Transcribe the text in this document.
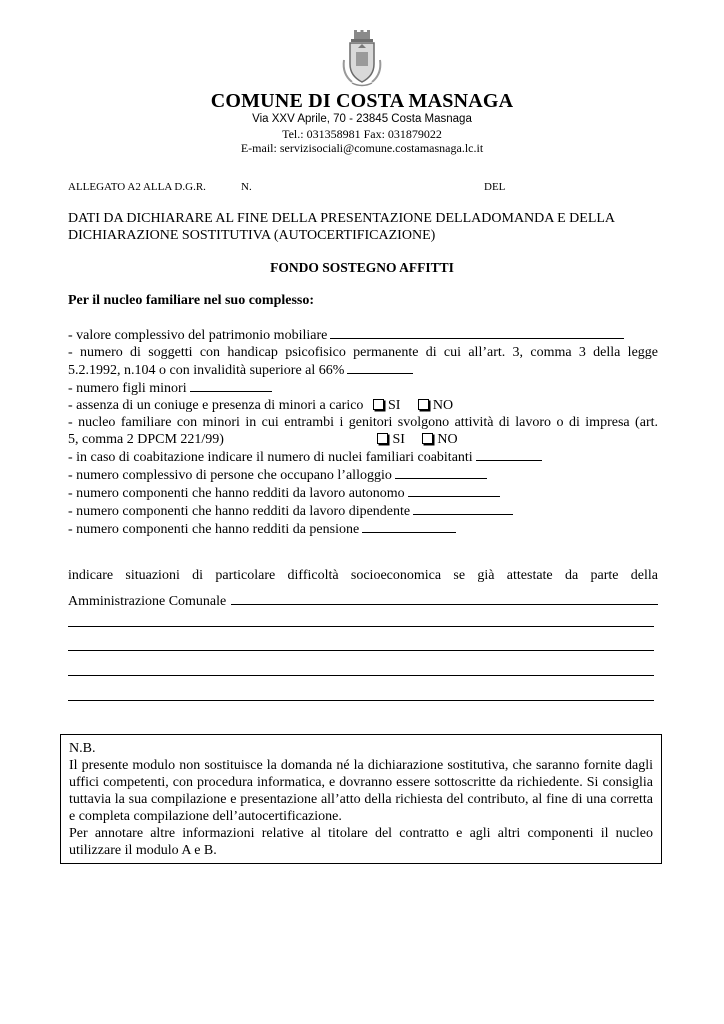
COMUNE DI COSTA MASNAGA
Via XXV Aprile, 70 - 23845 Costa Masnaga
Tel.: 031358981 Fax: 031879022
E-mail: servizisociali@comune.costamasnaga.lc.it
ALLEGATO A2 ALLA D.G.R.	N.	DEL
DATI DA DICHIARARE AL FINE DELLA PRESENTAZIONE DELLADOMANDA E DELLA DICHIARAZIONE SOSTITUTIVA (AUTOCERTIFICAZIONE)
FONDO SOSTEGNO AFFITTI
Per il nucleo familiare nel suo complesso:
- valore complessivo del patrimonio mobiliare
- numero di soggetti con handicap psicofisico permanente di cui all’art. 3, comma 3 della legge
5.2.1992, n.104 o con invalidità superiore al 66%
- numero figli minori
- assenza di un coniuge e presenza di minori a carico SI NO
- nucleo familiare con minori in cui entrambi i genitori svolgono attività di lavoro o di impresa (art.
5, comma 2 DPCM 221/99)	SI NO
- in caso di coabitazione indicare il numero di nuclei familiari coabitanti
- numero complessivo di persone che occupano l’alloggio
- numero componenti che hanno redditi da lavoro autonomo
- numero componenti che hanno redditi da lavoro dipendente
- numero componenti che hanno redditi da pensione
indicare situazioni di particolare difficoltà socioeconomica se già attestate da parte della
Amministrazione Comunale

N.B.

Il presente modulo non sostituisce la domanda né la dichiarazione sostitutiva, che saranno fornite dagli uffici competenti, con procedura informatica, e dovranno essere sottoscritte da richiedente. Si consiglia tuttavia la sua compilazione e presentazione all’atto della richiesta del contributo, al fine di una corretta e completa compilazione dell’autocertificazione.

Per annotare altre informazioni relative al titolare del contratto e agli altri componenti il nucleo utilizzare il modulo A e B.
